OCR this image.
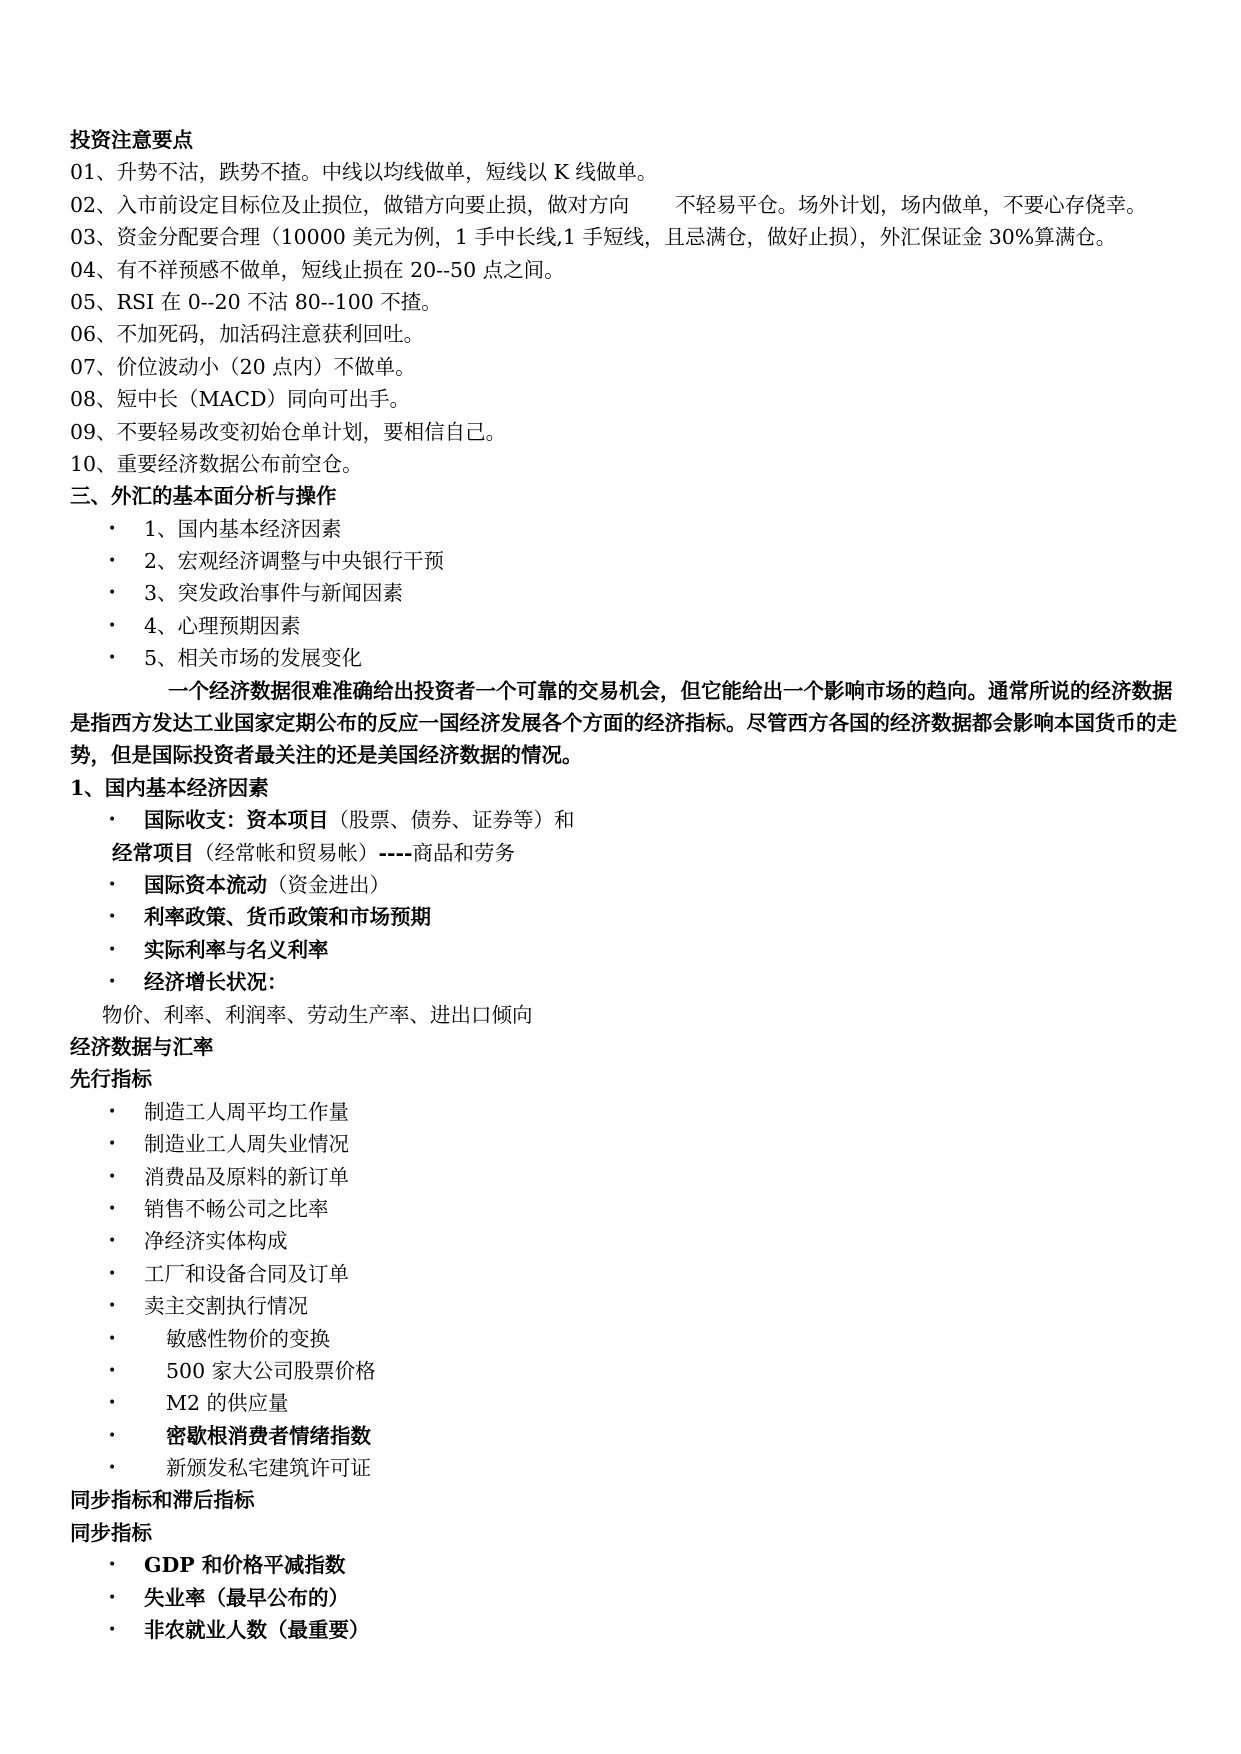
投资注意要点
01、升势不沽，跌势不揸。中线以均线做单，短线以 K 线做单。
02、入市前设定目标位及止损位，做错方向要止损，做对方向 不轻易平仓。场外计划，场内做单，不要心存侥幸。
03、资金分配要合理（10000 美元为例，1 手中长线,1 手短线，且忌满仓，做好止损），外汇保证金 30%算满仓。
04、有不祥预感不做单，短线止损在 20--50 点之间。
05、RSI 在 0--20 不沽 80--100 不揸。
06、不加死码，加活码注意获利回吐。
07、价位波动小（20 点内）不做单。
08、短中长（MACD）同向可出手。
09、不要轻易改变初始仓单计划，要相信自己。
10、重要经济数据公布前空仓。
三、外汇的基本面分析与操作
• 1、国内基本经济因素
• 2、宏观经济调整与中央银行干预
• 3、突发政治事件与新闻因素
• 4、心理预期因素
• 5、相关市场的发展变化
一个经济数据很难准确给出投资者一个可靠的交易机会，但它能给出一个影响市场的趋向。通常所说的经济数据是指西方发达工业国家定期公布的反应一国经济发展各个方面的经济指标。尽管西方各国的经济数据都会影响本国货币的走势，但是国际投资者最关注的还是美国经济数据的情况。
1、国内基本经济因素
• 国际收支：资本项目（股票、债券、证券等）和
经常项目（经常帐和贸易帐）----商品和劳务
• 国际资本流动（资金进出）
• 利率政策、货币政策和市场预期
• 实际利率与名义利率
• 经济增长状况：
物价、利率、利润率、劳动生产率、进出口倾向
经济数据与汇率
先行指标
• 制造工人周平均工作量
• 制造业工人周失业情况
• 消费品及原料的新订单
• 销售不畅公司之比率
• 净经济实体构成
• 工厂和设备合同及订单
• 卖主交割执行情况
• 敏感性物价的变换
• 500 家大公司股票价格
• M2 的供应量
• 密歇根消费者情绪指数
• 新颁发私宅建筑许可证
同步指标和滞后指标
同步指标
• GDP 和价格平减指数
• 失业率（最早公布的）
• 非农就业人数（最重要）
